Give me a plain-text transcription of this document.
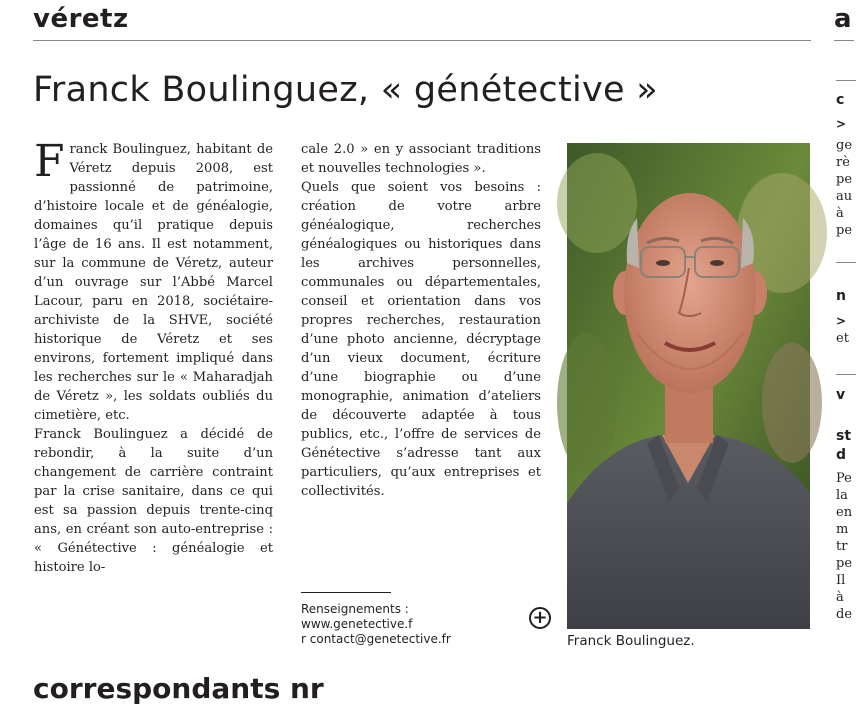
véretz	a
Franck Boulinguez, « génétective »

Franck Boulinguez, habitant de Véretz depuis 2008, est passionné de patrimoine, d’histoire locale et de généalogie, domaines qu’il pratique depuis l’âge de 16 ans. Il est notamment, sur la commune de Véretz, auteur d’un ouvrage sur l’Abbé Marcel Lacour, paru en 2018, sociétaire-archiviste de la SHVE, société historique de Véretz et ses environs, fortement impliqué dans les recherches sur le « Maharadjah de Véretz », les soldats oubliés du cimetière, etc.

Franck Boulinguez a décidé de rebondir, à la suite d’un changement de carrière contraint par la crise sanitaire, dans ce qui est sa passion depuis trente-cinq ans, en créant son auto-entreprise : « Génétective : généalogie et histoire lo-

cale 2.0 » en y associant traditions et nouvelles technologies ».

Quels que soient vos besoins : création de votre arbre généalogique, recherches généalogiques ou historiques dans les archives personnelles, communales ou départementales, conseil et orientation dans vos propres recherches, restauration d’une photo ancienne, décryptage d’un vieux document, écriture d’une biographie ou d’une monographie, animation d’ateliers de découverte adaptée à tous publics, etc., l’offre de services de Génétective s’adresse tant aux particuliers, qu’aux entreprises et collectivités.

Renseignements :
www.genetective.f
r contact@genetective.fr
+
Franck Boulinguez.
correspondants nr
c
>
ge
rè
pe
au
à
pe
n
>
et
v
st
d
Pe
la
en
m
tr
pe
Il
à
de
